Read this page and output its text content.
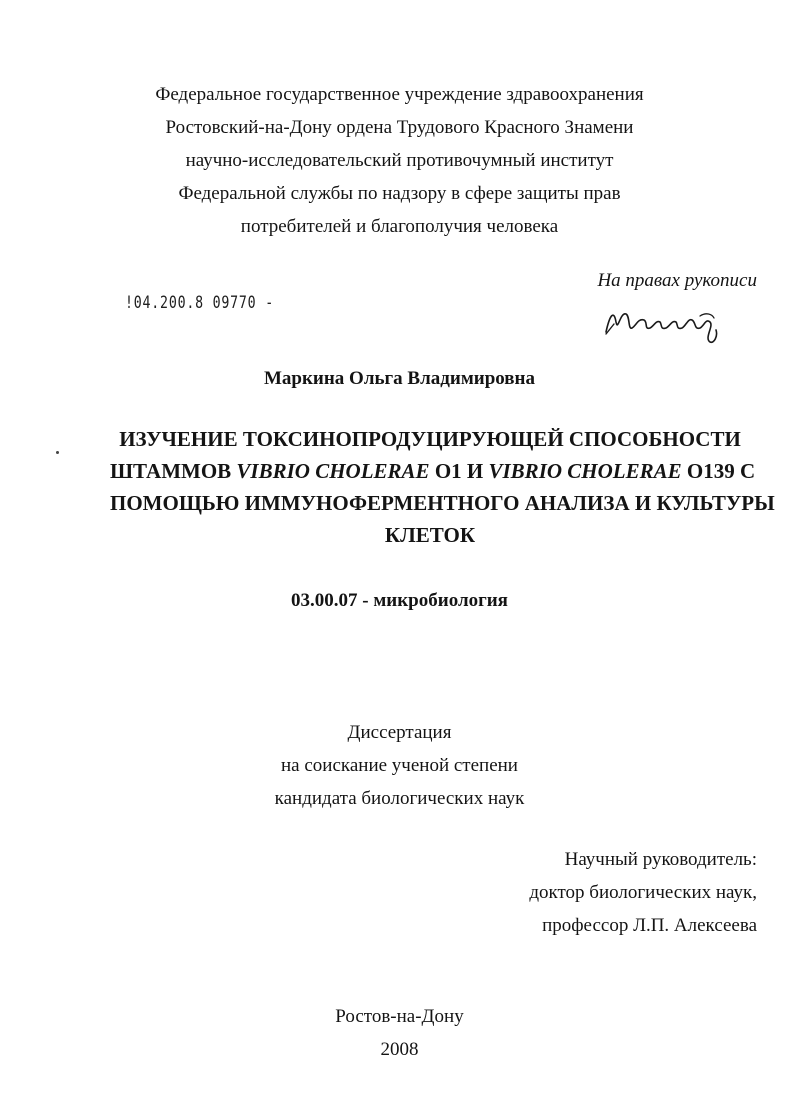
Федеральное государственное учреждение здравоохранения
Ростовский-на-Дону ордена Трудового Красного Знамени
научно-исследовательский противочумный институт
Федеральной службы по надзору в сфере защиты прав
потребителей и благополучия человека
На правах рукописи
!04.200.8 09770 -
Маркина Ольга Владимировна
ИЗУЧЕНИЕ ТОКСИНОПРОДУЦИРУЮЩЕЙ СПОСОБНОСТИ
ШТАММОВ VIBRIO CHOLERAE О1 И VIBRIO CHOLERAE О139 С
ПОМОЩЬЮ ИММУНОФЕРМЕНТНОГО АНАЛИЗА И КУЛЬТУРЫ
КЛЕТОК
03.00.07 - микробиология
Диссертация
на соискание ученой степени
кандидата биологических наук
Научный руководитель:
доктор биологических наук,
профессор Л.П. Алексеева
Ростов-на-Дону
2008
